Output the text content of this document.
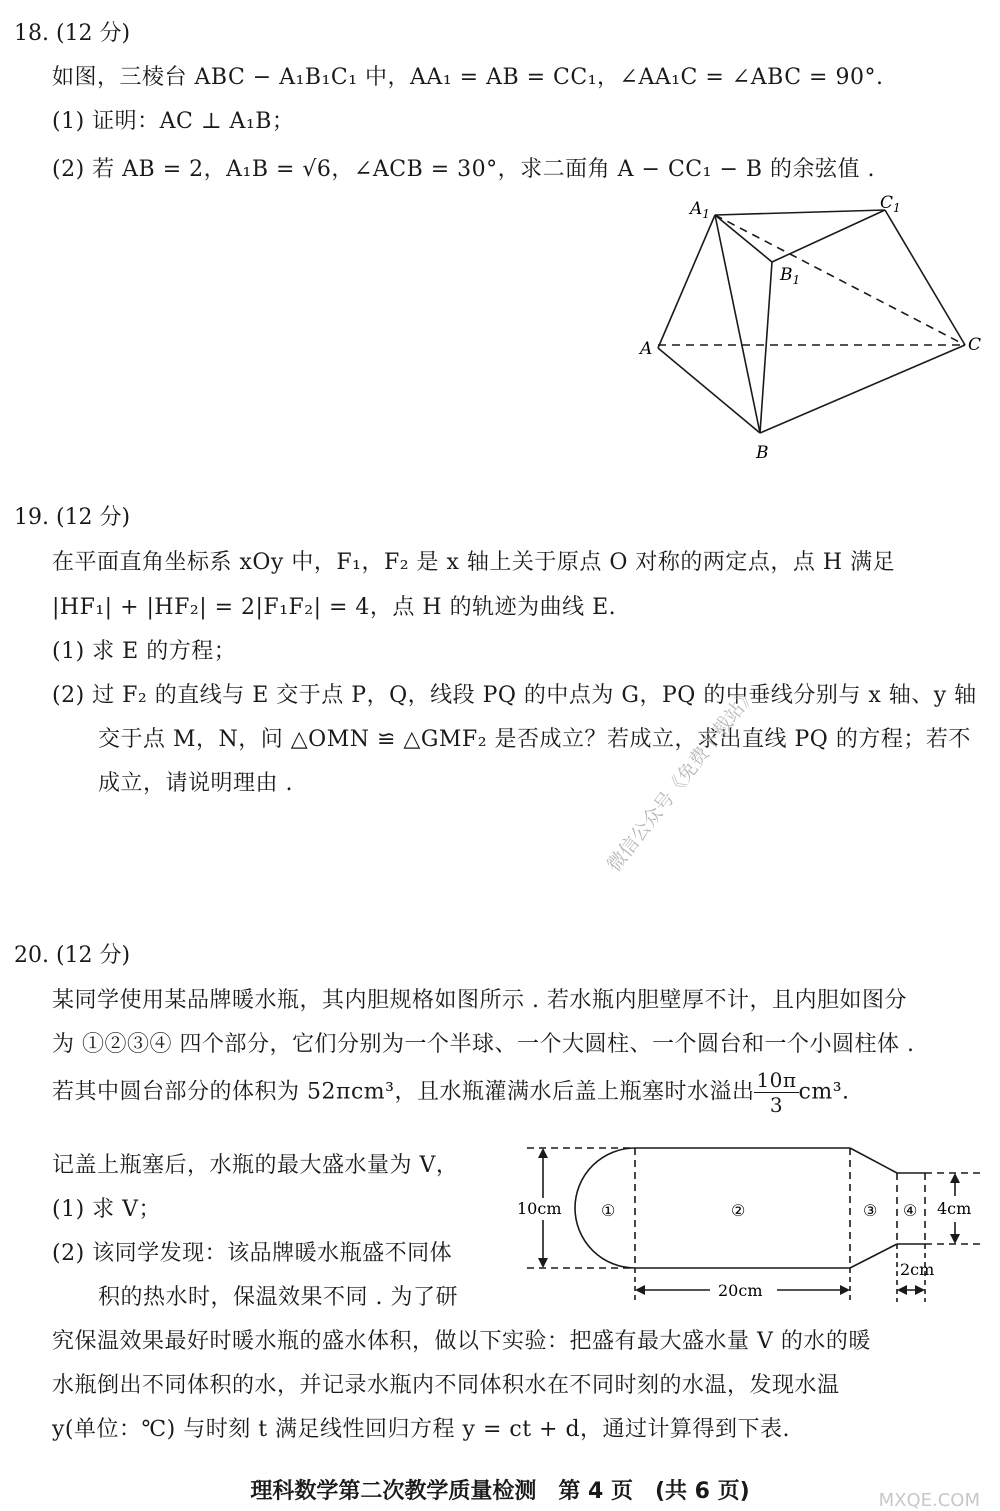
18. (12 分)
如图，三棱台 ABC − A₁B₁C₁ 中，AA₁ = AB = CC₁，∠AA₁C = ∠ABC = 90°.
(1) 证明：AC ⊥ A₁B；
(2) 若 AB = 2，A₁B = √6，∠ACB = 30°，求二面角 A − CC₁ − B 的余弦值 .
$A_1$
$C_1$
$B_1$
A	C
B
19. (12 分)
在平面直角坐标系 xOy 中，F₁，F₂ 是 x 轴上关于原点 O 对称的两定点，点 H 满足
|HF₁| + |HF₂| = 2|F₁F₂| = 4，点 H 的轨迹为曲线 E.
(1) 求 E 的方程；
(2) 过 F₂ 的直线与 E 交于点 P，Q，线段 PQ 的中点为 G，PQ 的中垂线分别与 x 轴、y 轴
交于点 M，N，问 △OMN ≌ △GMF₂ 是否成立？若成立，求出直线 PQ 的方程；若不
成立，请说明理由 .	微信公众号《免费下载站》
20. (12 分)
某同学使用某品牌暖水瓶，其内胆规格如图所示 . 若水瓶内胆壁厚不计，且内胆如图分
为 ①②③④ 四个部分，它们分别为一个半球、一个大圆柱、一个圆台和一个小圆柱体 .
若其中圆台部分的体积为 52πcm³，且水瓶灌满水后盖上瓶塞时水溢出 $\frac{10\pi}{3} cm^3$.
记盖上瓶塞后，水瓶的最大盛水量为 V，
(1) 求 V；
(2) 该同学发现：该品牌暖水瓶盛不同体
积的热水时，保温效果不同 . 为了研
究保温效果最好时暖水瓶的盛水体积，做以下实验：把盛有最大盛水量 V 的水的暖
水瓶倒出不同体积的水，并记录水瓶内不同体积水在不同时刻的水温，发现水温
y(单位：℃) 与时刻 t 满足线性回归方程 y = ct + d，通过计算得到下表.
10cm ①	②	③ ④ 4cm
20cm
2cm
理科数学第二次教学质量检测　第 4 页　(共 6 页)	MXQE.COM
